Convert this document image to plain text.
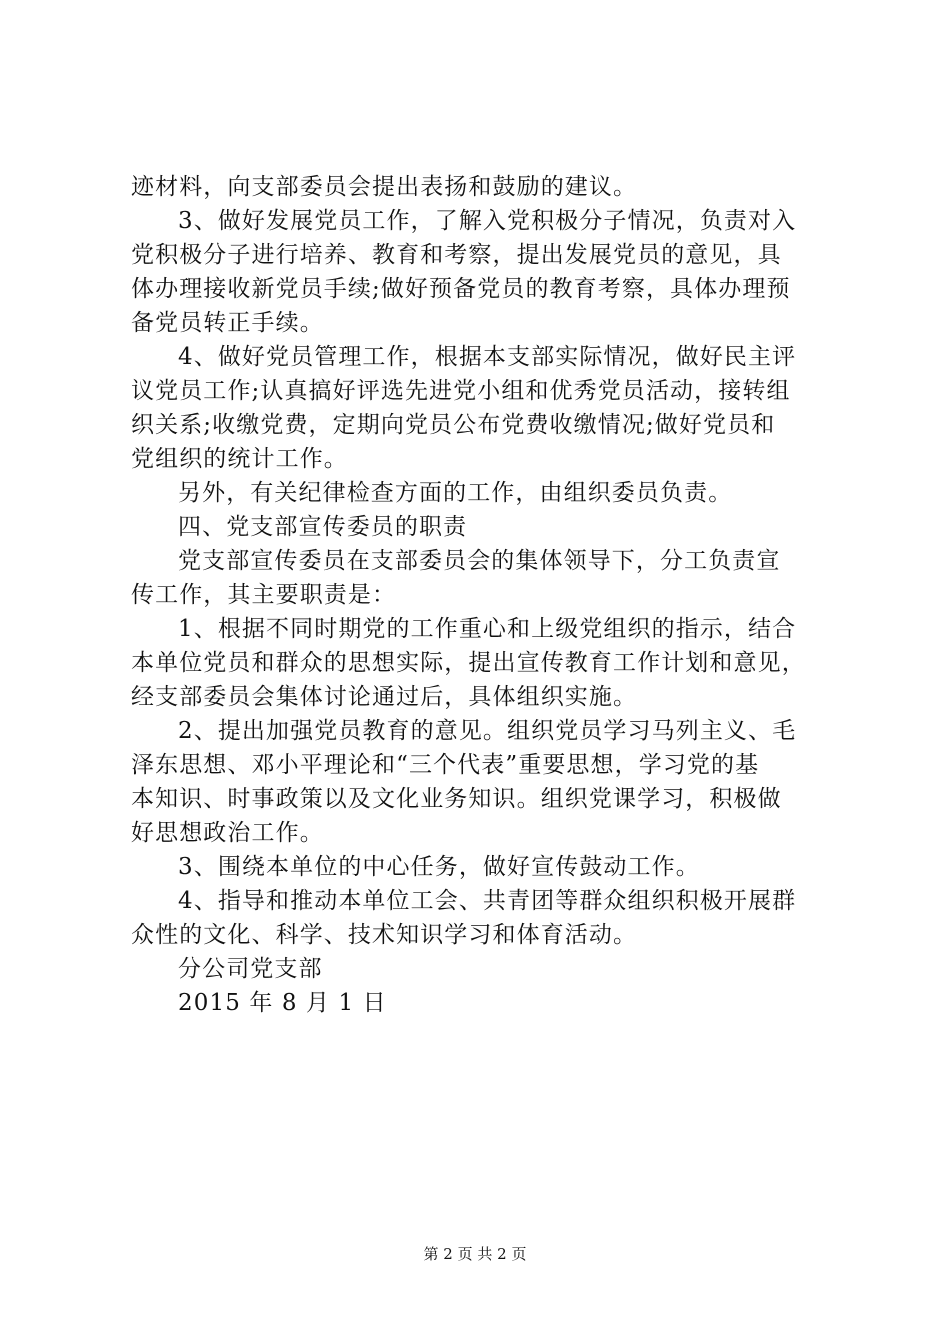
迹材料，向支部委员会提出表扬和鼓励的建议。
3、做好发展党员工作，了解入党积极分子情况，负责对入
党积极分子进行培养、教育和考察，提出发展党员的意见，具
体办理接收新党员手续;做好预备党员的教育考察，具体办理预
备党员转正手续。
4、做好党员管理工作，根据本支部实际情况，做好民主评
议党员工作;认真搞好评选先进党小组和优秀党员活动，接转组
织关系;收缴党费，定期向党员公布党费收缴情况;做好党员和
党组织的统计工作。
另外，有关纪律检查方面的工作，由组织委员负责。
四、党支部宣传委员的职责
党支部宣传委员在支部委员会的集体领导下，分工负责宣
传工作，其主要职责是：
1、根据不同时期党的工作重心和上级党组织的指示，结合
本单位党员和群众的思想实际，提出宣传教育工作计划和意见，
经支部委员会集体讨论通过后，具体组织实施。
2、提出加强党员教育的意见。组织党员学习马列主义、毛
泽东思想、邓小平理论和“三个代表”重要思想，学习党的基
本知识、时事政策以及文化业务知识。组织党课学习，积极做
好思想政治工作。
3、围绕本单位的中心任务，做好宣传鼓动工作。
4、指导和推动本单位工会、共青团等群众组织积极开展群
众性的文化、科学、技术知识学习和体育活动。
分公司党支部
2015 年 8 月 1 日
第 2 页 共 2 页
